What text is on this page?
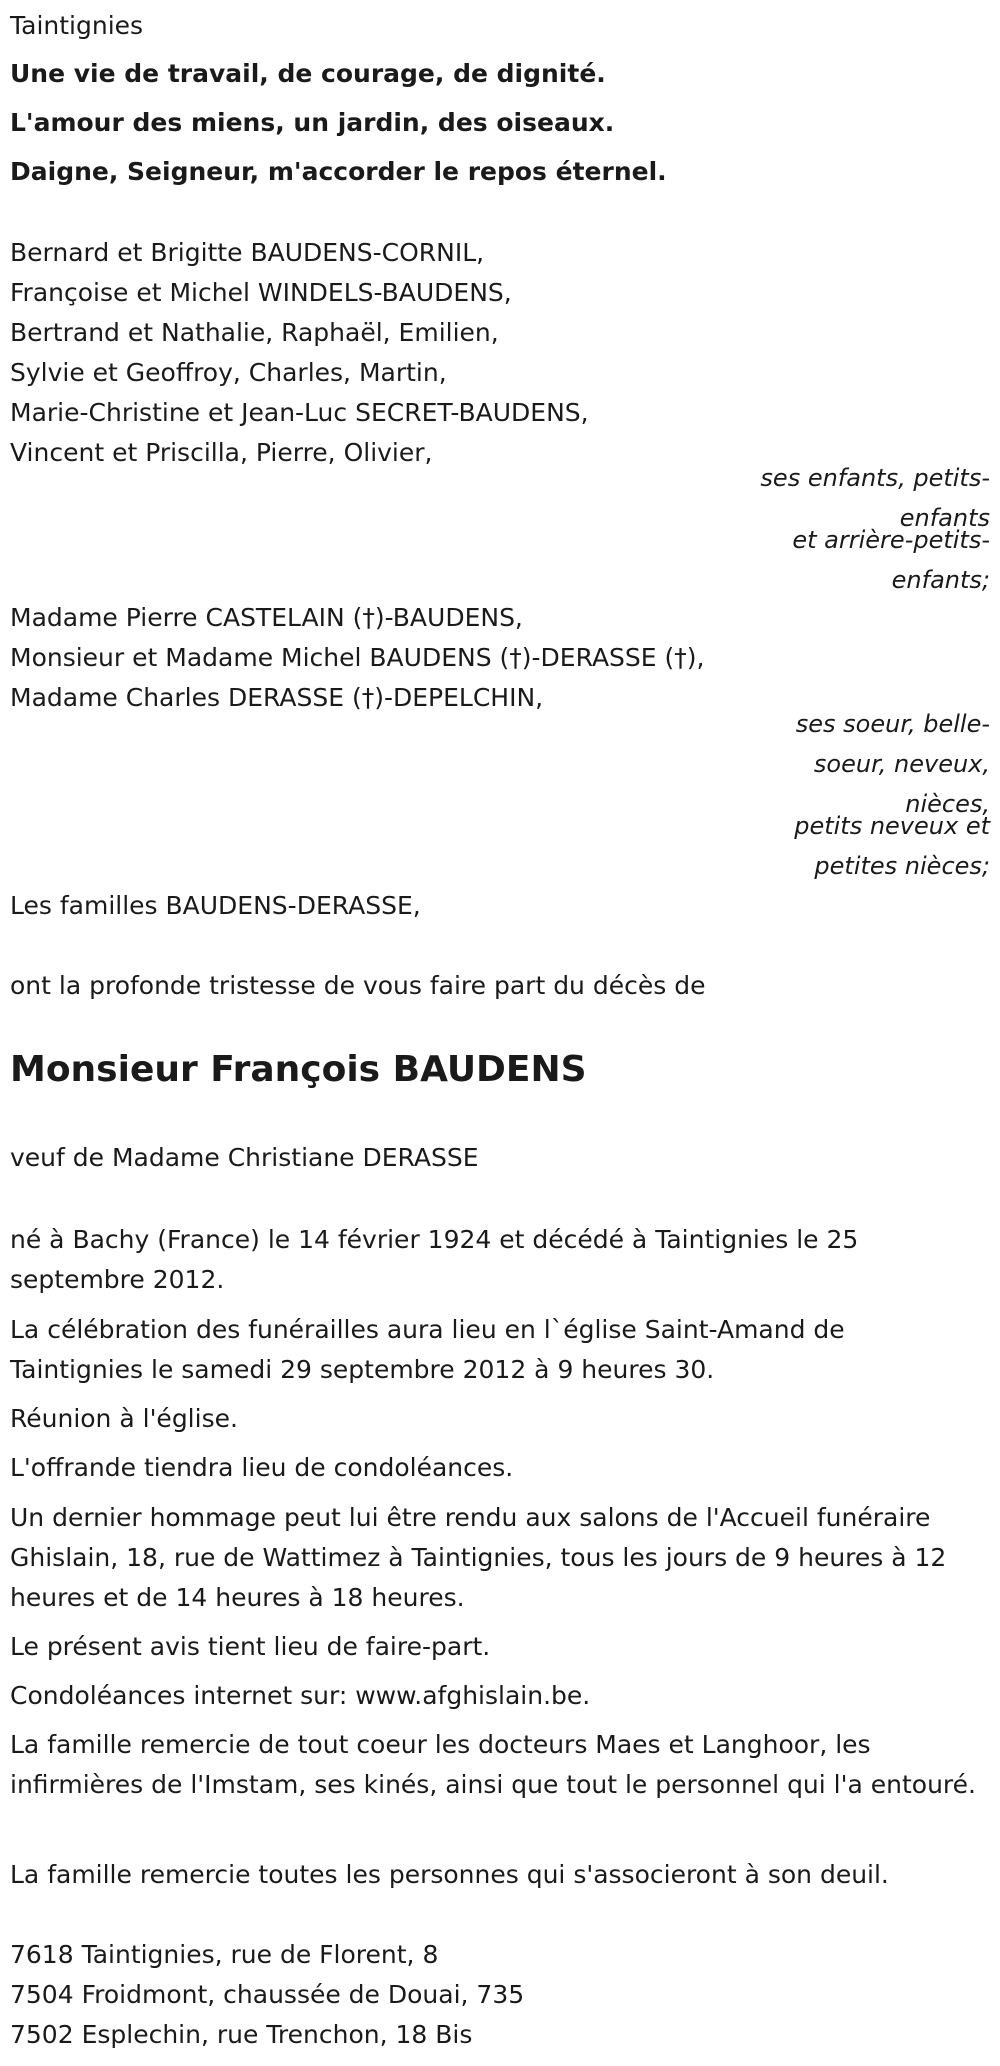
Taintignies
Une vie de travail, de courage, de dignité.
L'amour des miens, un jardin, des oiseaux.
Daigne, Seigneur, m'accorder le repos éternel.
Bernard et Brigitte BAUDENS-CORNIL,
Françoise et Michel WINDELS-BAUDENS,
Bertrand et Nathalie, Raphaël, Emilien,
Sylvie et Geoffroy, Charles, Martin,
Marie-Christine et Jean-Luc SECRET-BAUDENS,
Vincent et Priscilla, Pierre, Olivier,
ses enfants, petits-enfants
et arrière-petits-enfants;
Madame Pierre CASTELAIN (†)-BAUDENS,
Monsieur et Madame Michel BAUDENS (†)-DERASSE (†),
Madame Charles DERASSE (†)-DEPELCHIN,
ses soeur, belle-soeur, neveux, nièces,
petits neveux et petites nièces;
Les familles BAUDENS-DERASSE,
ont la profonde tristesse de vous faire part du décès de
Monsieur François BAUDENS
veuf de Madame Christiane DERASSE
né à Bachy (France) le 14 février 1924 et décédé à Taintignies le 25 septembre 2012.
La célébration des funérailles aura lieu en l`église Saint-Amand de Taintignies le samedi 29 septembre 2012 à 9 heures 30.
Réunion à l'église.
L'offrande tiendra lieu de condoléances.
Un dernier hommage peut lui être rendu aux salons de l'Accueil funéraire Ghislain, 18, rue de Wattimez à Taintignies, tous les jours de 9 heures à 12 heures et de 14 heures à 18 heures.
Le présent avis tient lieu de faire-part.
Condoléances internet sur: www.afghislain.be.
La famille remercie de tout coeur les docteurs Maes et Langhoor, les infirmières de l'Imstam, ses kinés, ainsi que tout le personnel qui l'a entouré.
La famille remercie toutes les personnes qui s'associeront à son deuil.
7618 Taintignies, rue de Florent, 8
7504 Froidmont, chaussée de Douai, 735
7502 Esplechin, rue Trenchon, 18 Bis
